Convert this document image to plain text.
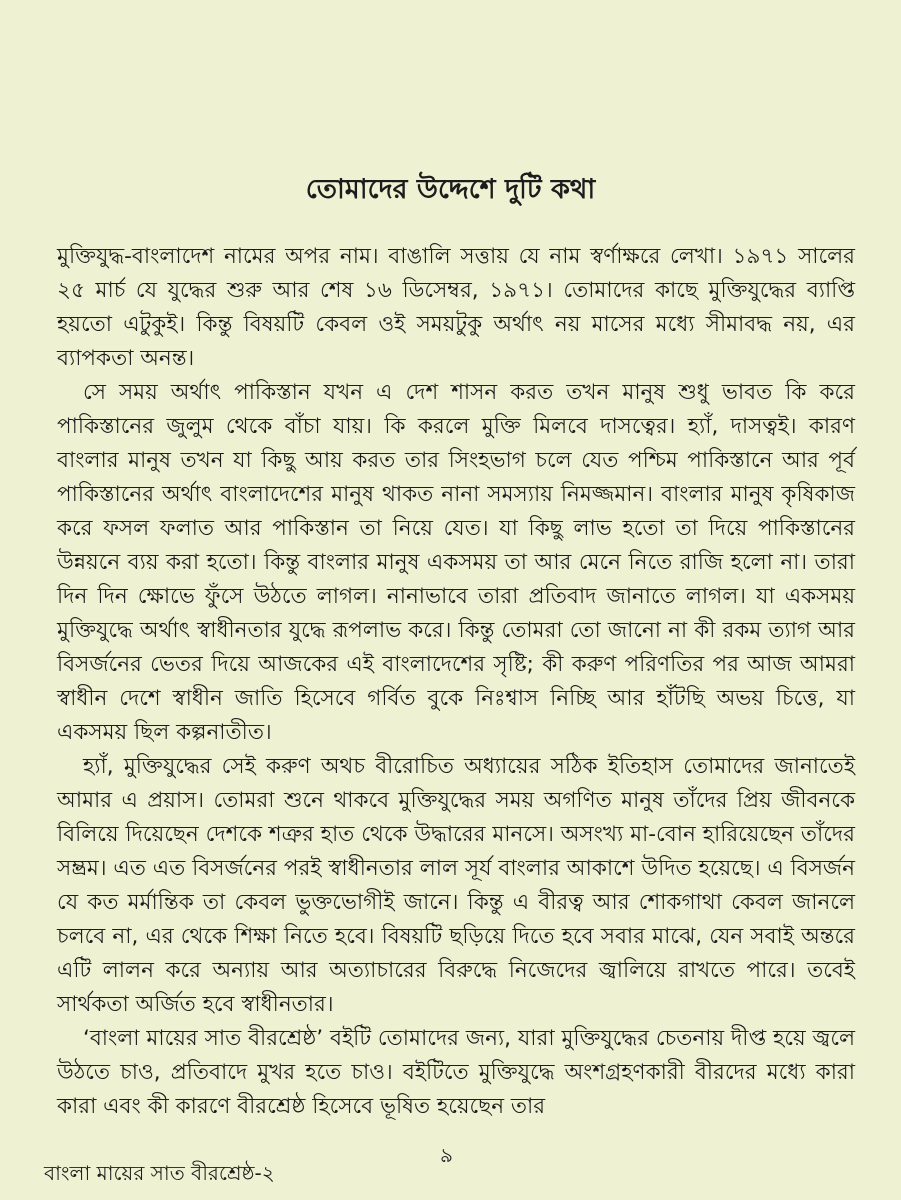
তোমাদের উদ্দেশে দুটি কথা

মুক্তিযুদ্ধ-বাংলাদেশ নামের অপর নাম। বাঙালি সত্তায় যে নাম স্বর্ণাক্ষরে লেখা। ১৯৭১ সালের ২৫ মার্চ যে যুদ্ধের শুরু আর শেষ ১৬ ডিসেম্বর, ১৯৭১। তোমাদের কাছে মুক্তিযুদ্ধের ব্যাপ্তি হয়তো এটুকুই। কিন্তু বিষয়টি কেবল ওই সময়টুকু অর্থাৎ নয় মাসের মধ্যে সীমাবদ্ধ নয়, এর ব্যাপকতা অনন্ত।

সে সময় অর্থাৎ পাকিস্তান যখন এ দেশ শাসন করত তখন মানুষ শুধু ভাবত কি করে পাকিস্তানের জুলুম থেকে বাঁচা যায়। কি করলে মুক্তি মিলবে দাসত্বের। হ্যাঁ, দাসত্বই। কারণ বাংলার মানুষ তখন যা কিছু আয় করত তার সিংহভাগ চলে যেত পশ্চিম পাকিস্তানে আর পূর্ব পাকিস্তানের অর্থাৎ বাংলাদেশের মানুষ থাকত নানা সমস্যায় নিমজ্জমান। বাংলার মানুষ কৃষিকাজ করে ফসল ফলাত আর পাকিস্তান তা নিয়ে যেত। যা কিছু লাভ হতো তা দিয়ে পাকিস্তানের উন্নয়নে ব্যয় করা হতো। কিন্তু বাংলার মানুষ একসময় তা আর মেনে নিতে রাজি হলো না। তারা দিন দিন ক্ষোভে ফুঁসে উঠতে লাগল। নানাভাবে তারা প্রতিবাদ জানাতে লাগল। যা একসময় মুক্তিযুদ্ধে অর্থাৎ স্বাধীনতার যুদ্ধে রূপলাভ করে। কিন্তু তোমরা তো জানো না কী রকম ত্যাগ আর বিসর্জনের ভেতর দিয়ে আজকের এই বাংলাদেশের সৃষ্টি; কী করুণ পরিণতির পর আজ আমরা স্বাধীন দেশে স্বাধীন জাতি হিসেবে গর্বিত বুকে নিঃশ্বাস নিচ্ছি আর হাঁটছি অভয় চিত্তে, যা একসময় ছিল কল্পনাতীত।

হ্যাঁ, মুক্তিযুদ্ধের সেই করুণ অথচ বীরোচিত অধ্যায়ের সঠিক ইতিহাস তোমাদের জানাতেই আমার এ প্রয়াস। তোমরা শুনে থাকবে মুক্তিযুদ্ধের সময় অগণিত মানুষ তাঁদের প্রিয় জীবনকে বিলিয়ে দিয়েছেন দেশকে শত্রুর হাত থেকে উদ্ধারের মানসে। অসংখ্য মা-বোন হারিয়েছেন তাঁদের সম্ভ্রম। এত এত বিসর্জনের পরই স্বাধীনতার লাল সূর্য বাংলার আকাশে উদিত হয়েছে। এ বিসর্জন যে কত মর্মান্তিক তা কেবল ভুক্তভোগীই জানে। কিন্তু এ বীরত্ব আর শোকগাথা কেবল জানলে চলবে না, এর থেকে শিক্ষা নিতে হবে। বিষয়টি ছড়িয়ে দিতে হবে সবার মাঝে, যেন সবাই অন্তরে এটি লালন করে অন্যায় আর অত্যাচারের বিরুদ্ধে নিজেদের জ্বালিয়ে রাখতে পারে। তবেই সার্থকতা অর্জিত হবে স্বাধীনতার।

‘বাংলা মায়ের সাত বীরশ্রেষ্ঠ’ বইটি তোমাদের জন্য, যারা মুক্তিযুদ্ধের চেতনায় দীপ্ত হয়ে জ্বলে উঠতে চাও, প্রতিবাদে মুখর হতে চাও। বইটিতে মুক্তিযুদ্ধে অংশগ্রহণকারী বীরদের মধ্যে কারা কারা এবং কী কারণে বীরশ্রেষ্ঠ হিসেবে ভূষিত হয়েছেন তার

৯
বাংলা মায়ের সাত বীরশ্রেষ্ঠ-২
